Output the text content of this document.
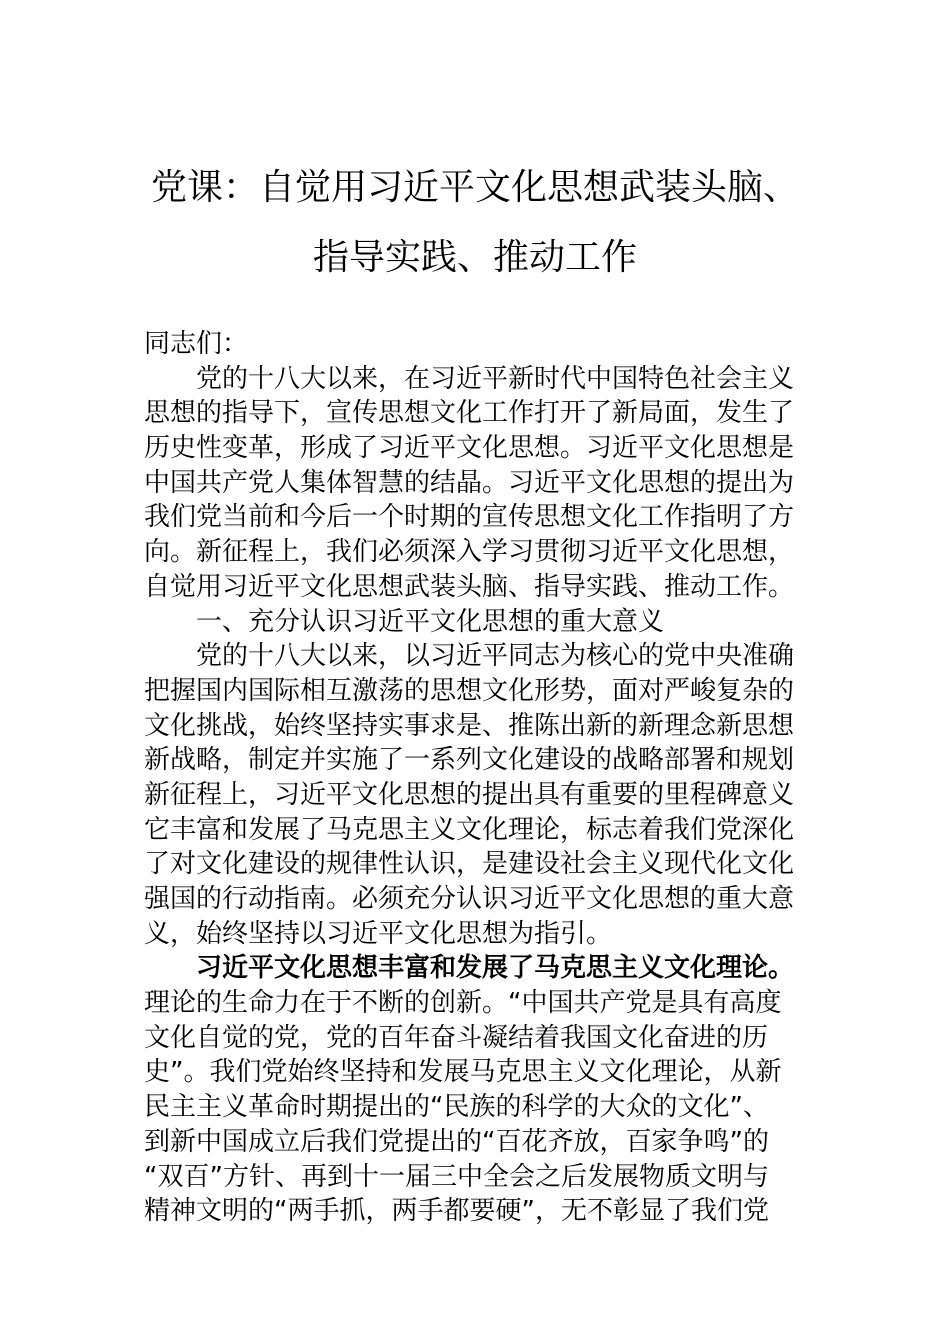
党课：自觉用习近平文化思想武装头脑、
指导实践、推动工作
同志们：
党的十八大以来，在习近平新时代中国特色社会主义
思想的指导下，宣传思想文化工作打开了新局面，发生了
历史性变革，形成了习近平文化思想。习近平文化思想是
中国共产党人集体智慧的结晶。习近平文化思想的提出为
我们党当前和今后一个时期的宣传思想文化工作指明了方
向。新征程上，我们必须深入学习贯彻习近平文化思想，
自觉用习近平文化思想武装头脑、指导实践、推动工作。
一、充分认识习近平文化思想的重大意义
党的十八大以来，以习近平同志为核心的党中央准确
把握国内国际相互激荡的思想文化形势，面对严峻复杂的
文化挑战，始终坚持实事求是、推陈出新的新理念新思想
新战略，制定并实施了一系列文化建设的战略部署和规划
新征程上，习近平文化思想的提出具有重要的里程碑意义
它丰富和发展了马克思主义文化理论，标志着我们党深化
了对文化建设的规律性认识，是建设社会主义现代化文化
强国的行动指南。必须充分认识习近平文化思想的重大意
义，始终坚持以习近平文化思想为指引。
习近平文化思想丰富和发展了马克思主义文化理论。
理论的生命力在于不断的创新。“中国共产党是具有高度
文化自觉的党，党的百年奋斗凝结着我国文化奋进的历
史”。我们党始终坚持和发展马克思主义文化理论，从新
民主主义革命时期提出的“民族的科学的大众的文化”、
到新中国成立后我们党提出的“百花齐放，百家争鸣”的
“双百”方针、再到十一届三中全会之后发展物质文明与
精神文明的“两手抓，两手都要硬”，无不彰显了我们党
